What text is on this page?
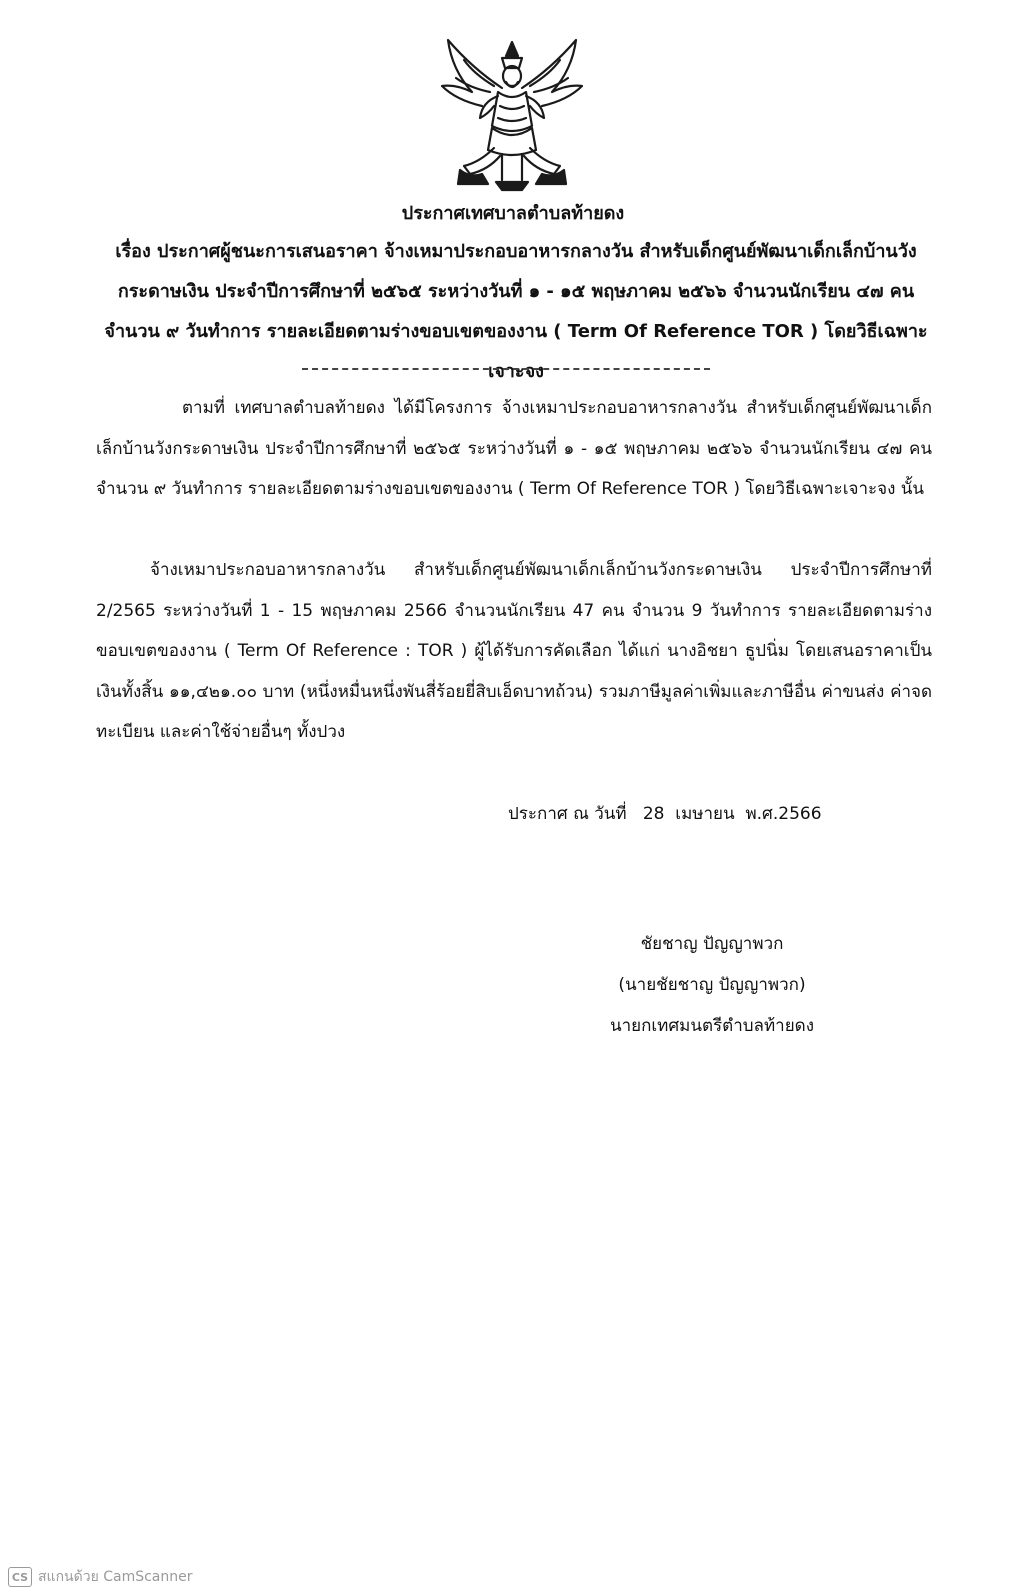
ประกาศเทศบาลตำบลท้ายดง
เรื่อง ประกาศผู้ชนะการเสนอราคา จ้างเหมาประกอบอาหารกลางวัน สำหรับเด็กศูนย์พัฒนาเด็กเล็กบ้านวัง
กระดาษเงิน ประจำปีการศึกษาที่ ๒๕๖๕ ระหว่างวันที่ ๑ - ๑๕ พฤษภาคม ๒๕๖๖ จำนวนนักเรียน ๔๗ คน
จำนวน ๙ วันทำการ รายละเอียดตามร่างขอบเขตของงาน ( Term Of Reference TOR ) โดยวิธีเฉพาะเจาะจง
ตามที่ เทศบาลตำบลท้ายดง ได้มีโครงการ จ้างเหมาประกอบอาหารกลางวัน สำหรับเด็กศูนย์พัฒนาเด็กเล็กบ้านวังกระดาษเงิน ประจำปีการศึกษาที่ ๒๕๖๕ ระหว่างวันที่ ๑ - ๑๕ พฤษภาคม ๒๕๖๖ จำนวนนักเรียน ๔๗ คน จำนวน ๙ วันทำการ รายละเอียดตามร่างขอบเขตของงาน ( Term Of Reference TOR ) โดยวิธีเฉพาะเจาะจง นั้น
จ้างเหมาประกอบอาหารกลางวัน สำหรับเด็กศูนย์พัฒนาเด็กเล็กบ้านวังกระดาษเงิน ประจำปีการศึกษาที่ 2/2565 ระหว่างวันที่ 1 - 15 พฤษภาคม 2566 จำนวนนักเรียน 47 คน จำนวน 9 วันทำการ รายละเอียดตามร่างขอบเขตของงาน ( Term Of Reference : TOR ) ผู้ได้รับการคัดเลือก ได้แก่ นางอิชยา ธูปนิ่ม โดยเสนอราคาเป็นเงินทั้งสิ้น ๑๑,๔๒๑.๐๐ บาท (หนึ่งหมื่นหนึ่งพันสี่ร้อยยี่สิบเอ็ดบาทถ้วน) รวมภาษีมูลค่าเพิ่มและภาษีอื่น ค่าขนส่ง ค่าจดทะเบียน และค่าใช้จ่ายอื่นๆ ทั้งปวง
ประกาศ ณ วันที่   28  เมษายน  พ.ศ.2566
ชัยชาญ ปัญญาพวก
(นายชัยชาญ ปัญญาพวก)
นายกเทศมนตรีตำบลท้ายดง
CS สแกนด้วย CamScanner
